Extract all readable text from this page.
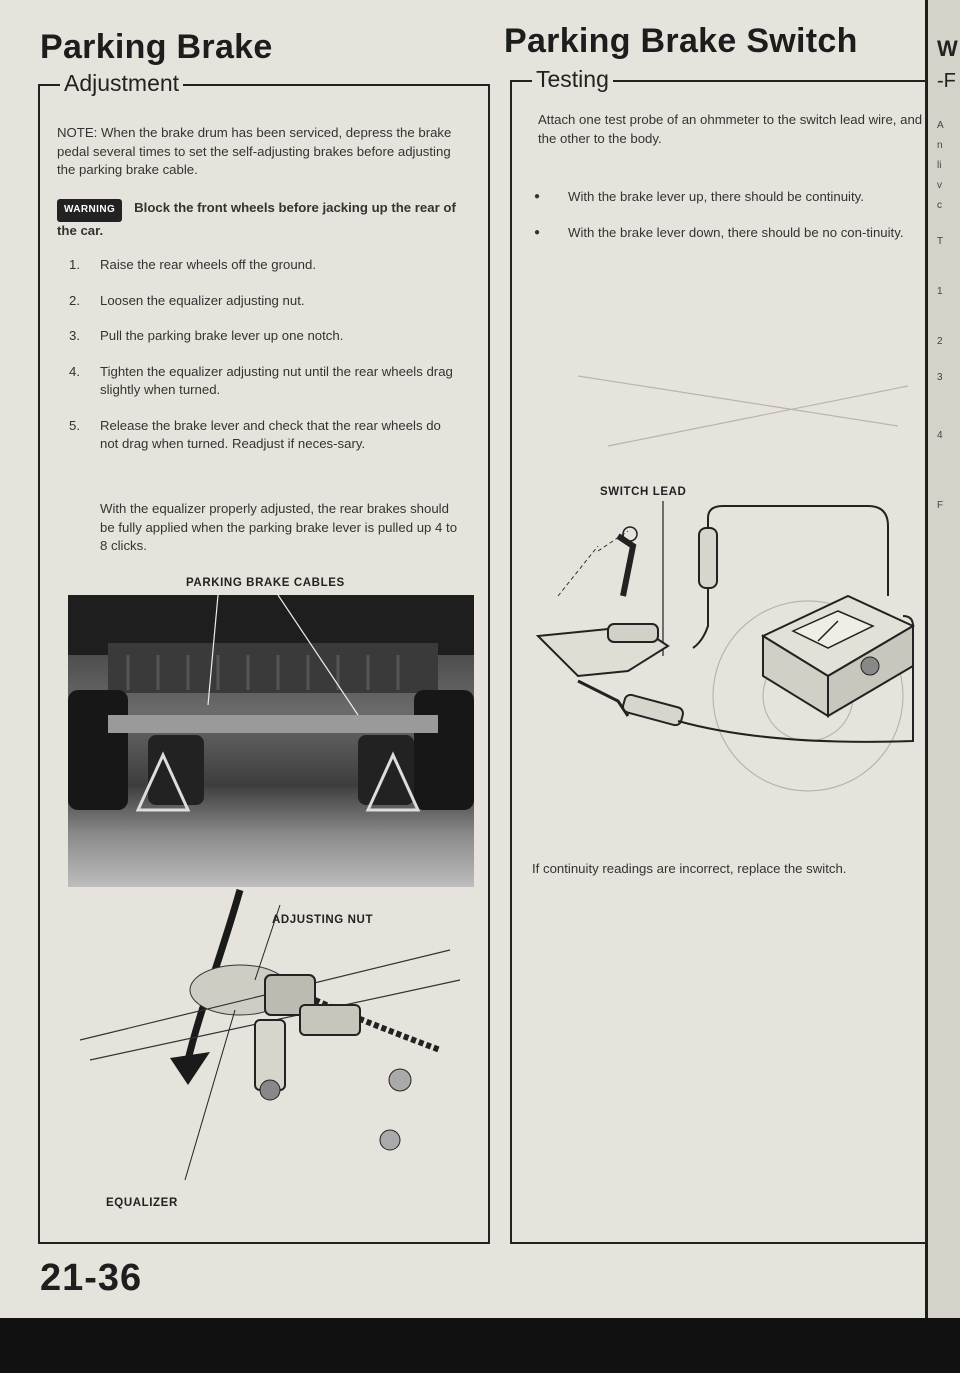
W
-F
A
n
li
v
c
T
1
2
3
4
F
Parking Brake
Adjustment
NOTE: When the brake drum has been serviced, depress the brake pedal several times to set the self-adjusting brakes before adjusting the parking brake cable.
WARNING Block the front wheels before jacking up the rear of the car.
1. Raise the rear wheels off the ground.
2. Loosen the equalizer adjusting nut.
3. Pull the parking brake lever up one notch.
4. Tighten the equalizer adjusting nut until the rear wheels drag slightly when turned.
5. Release the brake lever and check that the rear wheels do not drag when turned. Readjust if neces-sary.
With the equalizer properly adjusted, the rear brakes should be fully applied when the parking brake lever is pulled up 4 to 8 clicks.
PARKING BRAKE CABLES
ADJUSTING NUT
EQUALIZER
Parking Brake Switch
Testing
Attach one test probe of an ohmmeter to the switch lead wire, and the other to the body.
● With the brake lever up, there should be continuity.
● With the brake lever down, there should be no con-tinuity.
SWITCH LEAD
If continuity readings are incorrect, replace the switch.
21-36
